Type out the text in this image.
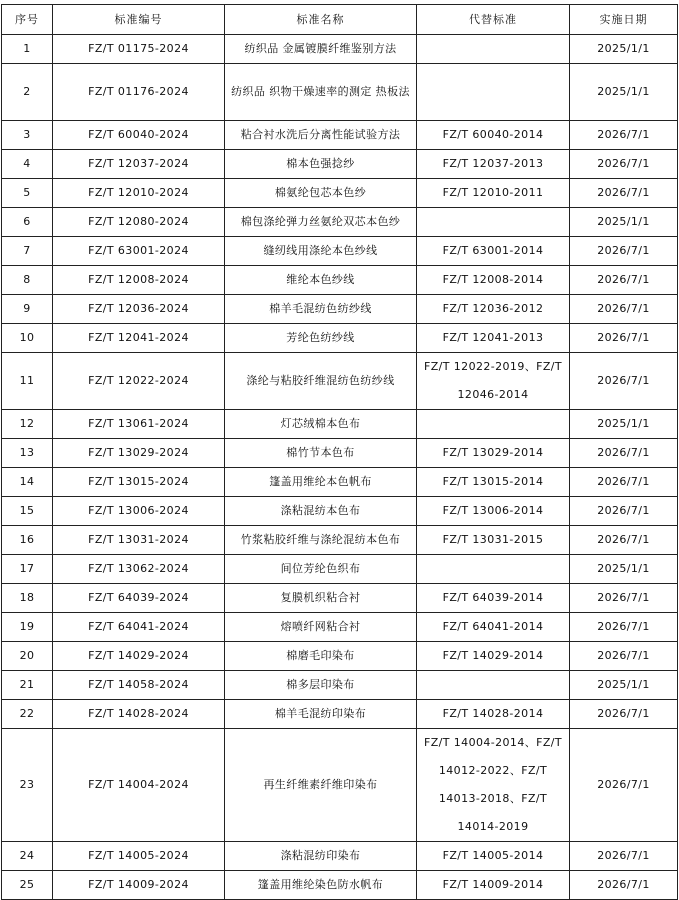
序号	标准编号	标准名称	代替标准	实施日期
1	FZ/T 01175-2024	纺织品 金属镀膜纤维鉴别方法		2025/1/1
2	FZ/T 01176-2024	纺织品 织物干燥速率的测定 热板法		2025/1/1
3	FZ/T 60040-2024	粘合衬水洗后分离性能试验方法	FZ/T 60040-2014	2026/7/1
4	FZ/T 12037-2024	棉本色强捻纱	FZ/T 12037-2013	2026/7/1
5	FZ/T 12010-2024	棉氨纶包芯本色纱	FZ/T 12010-2011	2026/7/1
6	FZ/T 12080-2024	棉包涤纶弹力丝氨纶双芯本色纱		2025/1/1
7	FZ/T 63001-2024	缝纫线用涤纶本色纱线	FZ/T 63001-2014	2026/7/1
8	FZ/T 12008-2024	维纶本色纱线	FZ/T 12008-2014	2026/7/1
9	FZ/T 12036-2024	棉羊毛混纺色纺纱线	FZ/T 12036-2012	2026/7/1
10	FZ/T 12041-2024	芳纶色纺纱线	FZ/T 12041-2013	2026/7/1
11	FZ/T 12022-2024	涤纶与粘胶纤维混纺色纺纱线	FZ/T 12022-2019、FZ/T 12046-2014	2026/7/1
12	FZ/T 13061-2024	灯芯绒棉本色布		2025/1/1
13	FZ/T 13029-2024	棉竹节本色布	FZ/T 13029-2014	2026/7/1
14	FZ/T 13015-2024	篷盖用维纶本色帆布	FZ/T 13015-2014	2026/7/1
15	FZ/T 13006-2024	涤粘混纺本色布	FZ/T 13006-2014	2026/7/1
16	FZ/T 13031-2024	竹浆粘胶纤维与涤纶混纺本色布	FZ/T 13031-2015	2026/7/1
17	FZ/T 13062-2024	间位芳纶色织布		2025/1/1
18	FZ/T 64039-2024	复膜机织粘合衬	FZ/T 64039-2014	2026/7/1
19	FZ/T 64041-2024	熔喷纤网粘合衬	FZ/T 64041-2014	2026/7/1
20	FZ/T 14029-2024	棉磨毛印染布	FZ/T 14029-2014	2026/7/1
21	FZ/T 14058-2024	棉多层印染布		2025/1/1
22	FZ/T 14028-2024	棉羊毛混纺印染布	FZ/T 14028-2014	2026/7/1
23	FZ/T 14004-2024	再生纤维素纤维印染布	FZ/T 14004-2014、FZ/T 14012-2022、FZ/T 14013-2018、FZ/T 14014-2019	2026/7/1
24	FZ/T 14005-2024	涤粘混纺印染布	FZ/T 14005-2014	2026/7/1
25	FZ/T 14009-2024	篷盖用维纶染色防水帆布	FZ/T 14009-2014	2026/7/1
